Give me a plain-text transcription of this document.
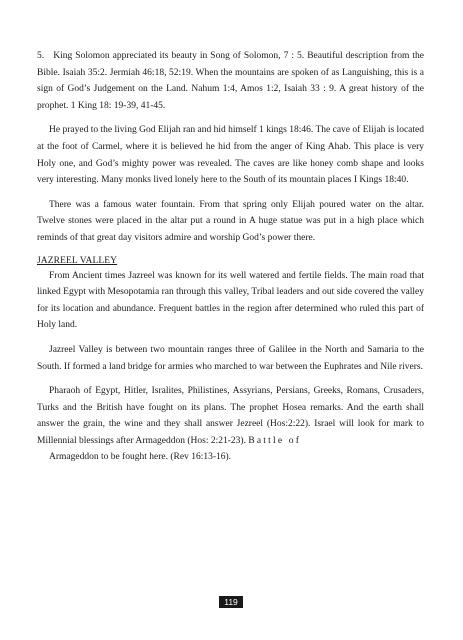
5.   King Solomon appreciated its beauty in Song of Solomon, 7 : 5. Beautiful description from the Bible. Isaiah 35:2. Jermiah 46:18, 52:19. When the mountains are spoken of as Languishing, this is a sign of God’s Judgement on the Land. Nahum 1:4, Amos 1:2, Isaiah 33 : 9. A great history of the prophet. 1 King 18: 19-39, 41-45.

He prayed to the living God Elijah ran and hid himself 1 kings 18:46. The cave of Elijah is located at the foot of Carmel, where it is believed he hid from the anger of King Ahab. This place is very Holy one, and God’s mighty power was revealed. The caves are like honey comb shape and looks very interesting. Many monks lived lonely here to the South of its mountain places I Kings 18:40.

There was a famous water fountain. From that spring only Elijah poured water on the altar. Twelve stones were placed in the altar put a round in A huge statue was put in a high place which reminds of that great day visitors admire and worship God’s power there.

JAZREEL VALLEY

From Ancient times Jazreel was known for its well watered and fertile fields. The main road that linked Egypt with Mesopotamia ran through this valley, Tribal leaders and out side covered the valley for its location and abundance. Frequent battles in the region after determined who ruled this part of Holy land.

Jazreel Valley is between two mountain ranges three of Galilee in the North and Samaria to the South. If formed a land bridge for armies who marched to war between the Euphrates and Nile rivers.

Pharaoh of Egypt, Hitler, Isralites, Philistines, Assyrians, Persians, Greeks, Romans, Crusaders, Turks and the British have fought on its plans. The prophet Hosea remarks. And the earth shall answer the grain, the wine and they shall answer Jezreel (Hos:2:22). Israel will look for mark to Millennial blessings after Armageddon (Hos: 2:21-23). Battle of
Armageddon to be fought here. (Rev 16:13-16).

119
